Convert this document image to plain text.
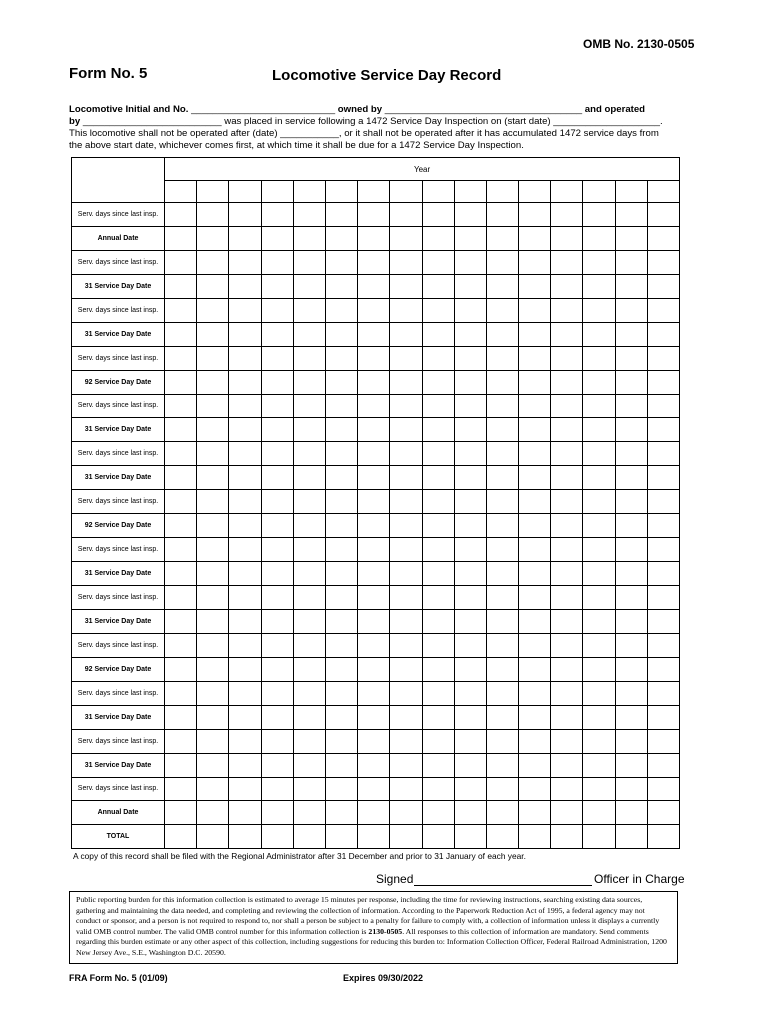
OMB No. 2130-0505
Form No. 5	Locomotive Service Day Record
Locomotive Initial and No. ___________________________ owned by _____________________________________ and operated
by __________________________ was placed in service following a 1472 Service Day Inspection on (start date) ____________________.
This locomotive shall not be operated after (date) ___________, or it shall not be operated after it has accumulated 1472 service days from
the above start date, whichever comes first, at which time it shall be due for a 1472 Service Day Inspection.
	Year															

Serv. days since last insp.																
Annual Date																
Serv. days since last insp.																
31 Service Day Date																
Serv. days since last insp.																
31 Service Day Date																
Serv. days since last insp.																
92 Service Day Date																
Serv. days since last insp.																
31 Service Day Date																
Serv. days since last insp.																
31 Service Day Date																
Serv. days since last insp.																
92 Service Day Date																
Serv. days since last insp.																
31 Service Day Date																
Serv. days since last insp.																
31 Service Day Date																
Serv. days since last insp.																
92 Service Day Date																
Serv. days since last insp.																
31 Service Day Date																
Serv. days since last insp.																
31 Service Day Date																
Serv. days since last insp.																
Annual Date																
TOTAL																
A copy of this record shall be filed with the Regional Administrator after 31 December and prior to 31 January of each year.
Signed	Officer in Charge
Public reporting burden for this information collection is estimated to average 15 minutes per response, including the time for reviewing instructions, searching existing data sources, gathering and maintaining the data needed, and completing and reviewing the collection of information. According to the Paperwork Reduction Act of 1995, a federal agency may not conduct or sponsor, and a person is not required to respond to, nor shall a person be subject to a penalty for failure to comply with, a collection of information unless it displays a currently valid OMB control number. The valid OMB control number for this information collection is 2130-0505. All responses to this collection of information are mandatory. Send comments regarding this burden estimate or any other aspect of this collection, including suggestions for reducing this burden to: Information Collection Officer, Federal Railroad Administration, 1200 New Jersey Ave., S.E., Washington D.C. 20590.
FRA Form No. 5 (01/09)	Expires 09/30/2022
